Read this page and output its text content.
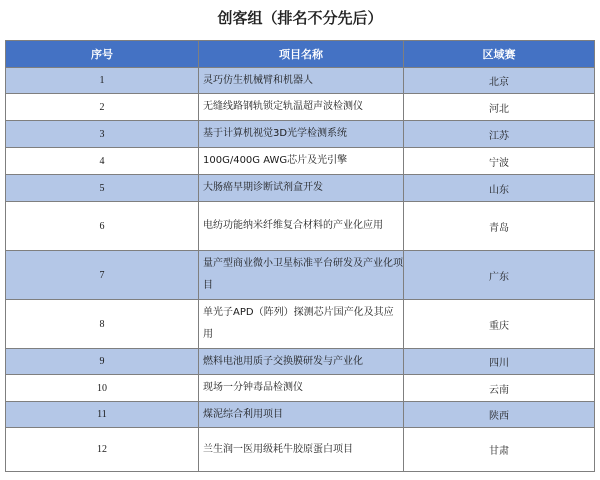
创客组（排名不分先后）
序号	项目名称	区域赛
1	灵巧仿生机械臂和机器人	北京
2	无缝线路钢轨锁定轨温超声波检测仪	河北
3	基于计算机视觉3D光学检测系统	江苏
4	100G/400G AWG芯片及光引擎	宁波
5	大肠癌早期诊断试剂盒开发	山东
6	电纺功能纳米纤维复合材料的产业化应用	青岛
7	量产型商业微小卫星标准平台研发及产业化项目	广东
8	单光子APD（阵列）探测芯片国产化及其应用	重庆
9	燃料电池用质子交换膜研发与产业化	四川
10	现场一分钟毒品检测仪	云南
11	煤泥综合利用项目	陕西
12	兰生润一医用级耗牛胶原蛋白项目	甘肃
